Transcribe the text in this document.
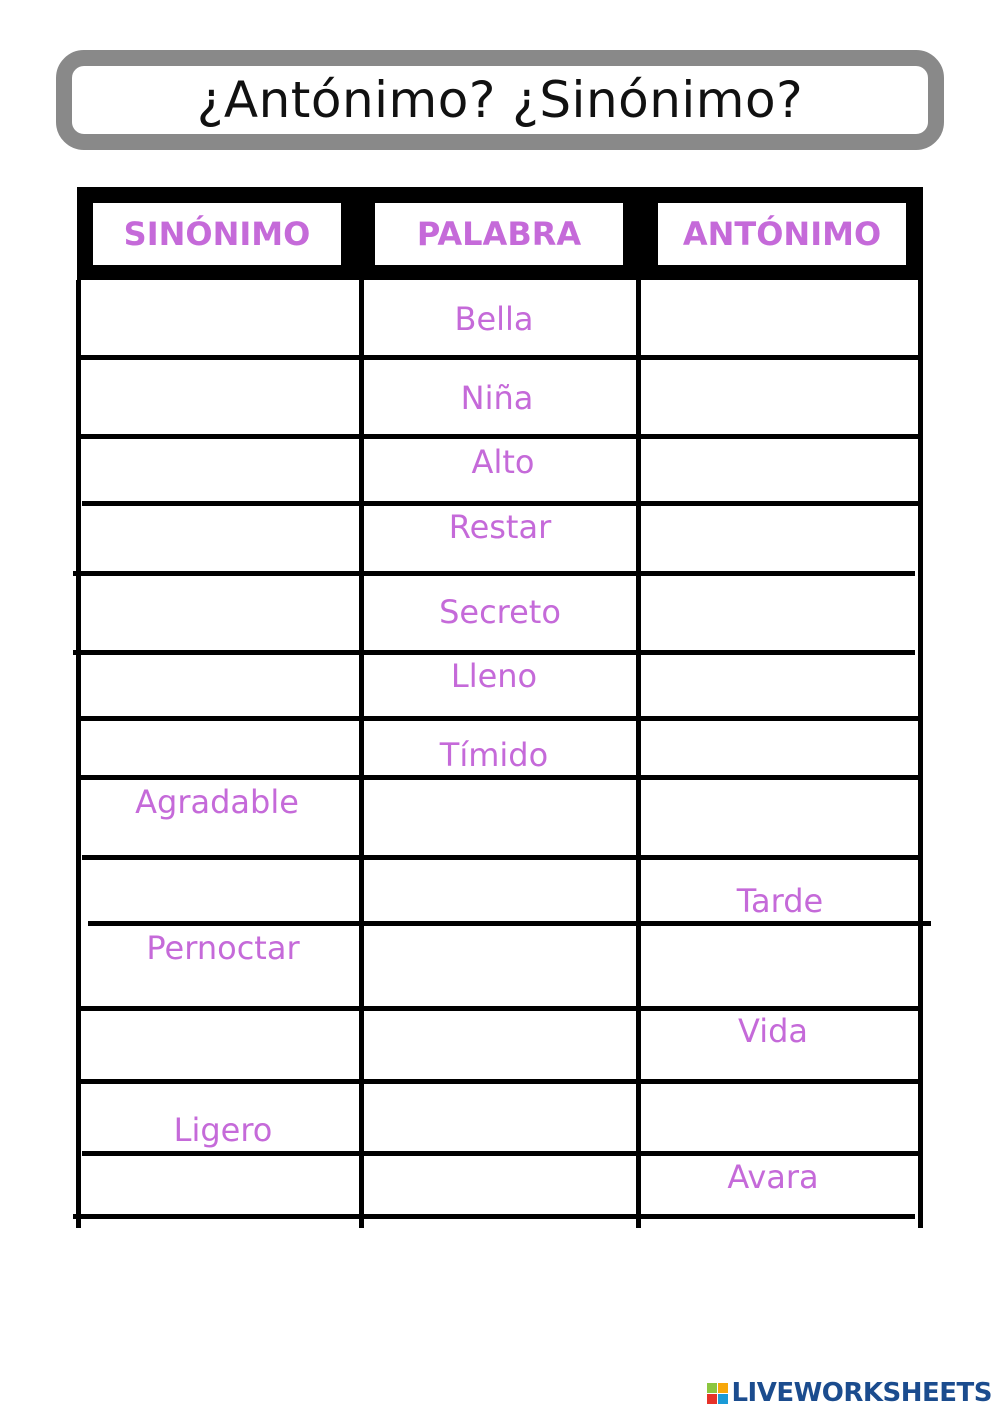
¿Antónimo? ¿Sinónimo?
SINÓNIMO	PALABRA	ANTÓNIMO
Bella
Niña
Alto
Restar
Secreto
Lleno
Tímido
Agradable
Pernoctar
Ligero
Tarde
Vida
Avara
LIVEWORKSHEETS
